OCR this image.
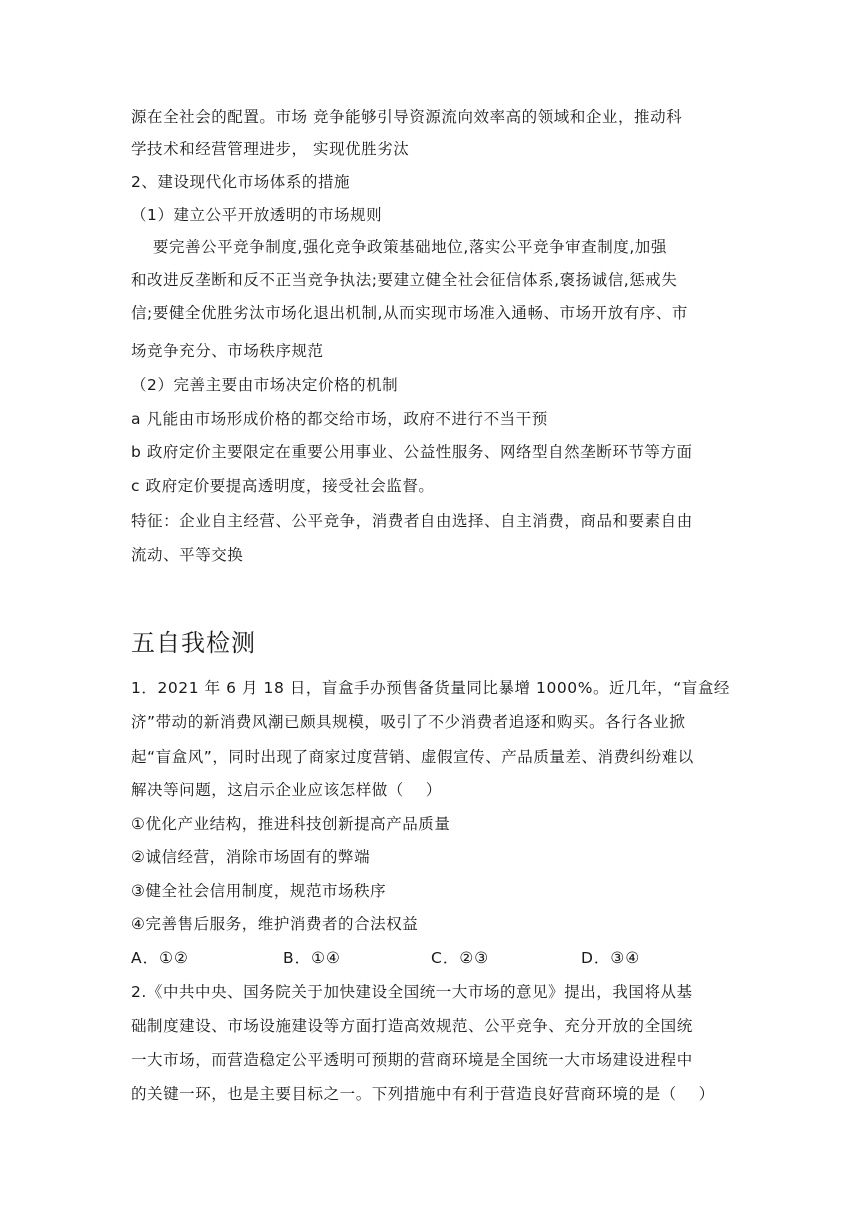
源在全社会的配置。市场 竞争能够引导资源流向效率高的领域和企业，推动科
学技术和经营管理进步， 实现优胜劣汰
2、建设现代化市场体系的措施
（1）建立公平开放透明的市场规则
要完善公平竞争制度,强化竞争政策基础地位,落实公平竞争审查制度,加强
和改进反垄断和反不正当竞争执法;要建立健全社会征信体系,褒扬诚信,惩戒失
信;要健全优胜劣汰市场化退出机制,从而实现市场准入通畅、市场开放有序、市
场竞争充分、市场秩序规范
（2）完善主要由市场决定价格的机制
a 凡能由市场形成价格的都交给市场，政府不进行不当干预
b 政府定价主要限定在重要公用事业、公益性服务、网络型自然垄断环节等方面
c 政府定价要提高透明度，接受社会监督。
特征：企业自主经营、公平竞争，消费者自由选择、自主消费，商品和要素自由
流动、平等交换
五自我检测
1．2021 年 6 月 18 日，盲盒手办预售备货量同比暴增 1000%。近几年，“盲盒经
济”带动的新消费风潮已颇具规模，吸引了不少消费者追逐和购买。各行各业掀
起“盲盒风”，同时出现了商家过度营销、虚假宣传、产品质量差、消费纠纷难以
解决等问题，这启示企业应该怎样做（    ）
①优化产业结构，推进科技创新提高产品质量
②诚信经营，消除市场固有的弊端
③健全社会信用制度，规范市场秩序
④完善售后服务，维护消费者的合法权益
A．①②	B．①④	C．②③	D．③④
2.《中共中央、国务院关于加快建设全国统一大市场的意见》提出，我国将从基
础制度建设、市场设施建设等方面打造高效规范、公平竞争、充分开放的全国统
一大市场，而营造稳定公平透明可预期的营商环境是全国统一大市场建设进程中
的关键一环，也是主要目标之一。下列措施中有利于营造良好营商环境的是（    ）
